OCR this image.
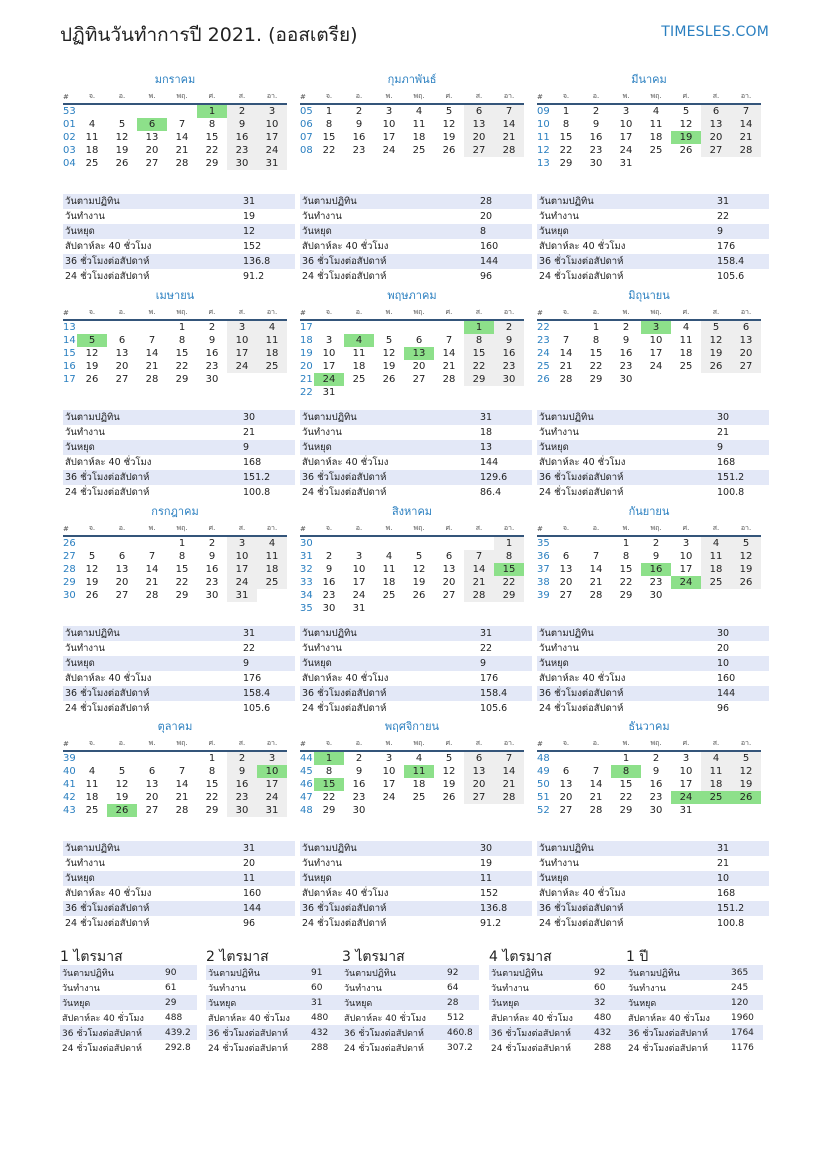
ปฏิทินวันทำการปี 2021. (ออสเตรีย)	TIMESLES.COM
มกราคม
#	จ.	อ.	พ.	พฤ.	ศ.	ส.	อา.
53					1	2	3
01	4	5	6	7	8	9	10
02	11	12	13	14	15	16	17
03	18	19	20	21	22	23	24
04	25	26	27	28	29	30	31
วันตามปฏิทิน	31
วันทำงาน	19
วันหยุด	12
สัปดาห์ละ 40 ชั่วโมง	152
36 ชั่วโมงต่อสัปดาห์	136.8
24 ชั่วโมงต่อสัปดาห์	91.2
กุมภาพันธ์
#	จ.	อ.	พ.	พฤ.	ศ.	ส.	อา.
05	1	2	3	4	5	6	7
06	8	9	10	11	12	13	14
07	15	16	17	18	19	20	21
08	22	23	24	25	26	27	28
วันตามปฏิทิน	28
วันทำงาน	20
วันหยุด	8
สัปดาห์ละ 40 ชั่วโมง	160
36 ชั่วโมงต่อสัปดาห์	144
24 ชั่วโมงต่อสัปดาห์	96
มีนาคม
#	จ.	อ.	พ.	พฤ.	ศ.	ส.	อา.
09	1	2	3	4	5	6	7
10	8	9	10	11	12	13	14
11	15	16	17	18	19	20	21
12	22	23	24	25	26	27	28
13	29	30	31				
วันตามปฏิทิน	31
วันทำงาน	22
วันหยุด	9
สัปดาห์ละ 40 ชั่วโมง	176
36 ชั่วโมงต่อสัปดาห์	158.4
24 ชั่วโมงต่อสัปดาห์	105.6
เมษายน
#	จ.	อ.	พ.	พฤ.	ศ.	ส.	อา.
13				1	2	3	4
14	5	6	7	8	9	10	11
15	12	13	14	15	16	17	18
16	19	20	21	22	23	24	25
17	26	27	28	29	30		
วันตามปฏิทิน	30
วันทำงาน	21
วันหยุด	9
สัปดาห์ละ 40 ชั่วโมง	168
36 ชั่วโมงต่อสัปดาห์	151.2
24 ชั่วโมงต่อสัปดาห์	100.8
พฤษภาคม
#	จ.	อ.	พ.	พฤ.	ศ.	ส.	อา.
17						1	2
18	3	4	5	6	7	8	9
19	10	11	12	13	14	15	16
20	17	18	19	20	21	22	23
21	24	25	26	27	28	29	30
22	31						
วันตามปฏิทิน	31
วันทำงาน	18
วันหยุด	13
สัปดาห์ละ 40 ชั่วโมง	144
36 ชั่วโมงต่อสัปดาห์	129.6
24 ชั่วโมงต่อสัปดาห์	86.4
มิถุนายน
#	จ.	อ.	พ.	พฤ.	ศ.	ส.	อา.
22		1	2	3	4	5	6
23	7	8	9	10	11	12	13
24	14	15	16	17	18	19	20
25	21	22	23	24	25	26	27
26	28	29	30				
วันตามปฏิทิน	30
วันทำงาน	21
วันหยุด	9
สัปดาห์ละ 40 ชั่วโมง	168
36 ชั่วโมงต่อสัปดาห์	151.2
24 ชั่วโมงต่อสัปดาห์	100.8
กรกฎาคม
#	จ.	อ.	พ.	พฤ.	ศ.	ส.	อา.
26				1	2	3	4
27	5	6	7	8	9	10	11
28	12	13	14	15	16	17	18
29	19	20	21	22	23	24	25
30	26	27	28	29	30	31	
วันตามปฏิทิน	31
วันทำงาน	22
วันหยุด	9
สัปดาห์ละ 40 ชั่วโมง	176
36 ชั่วโมงต่อสัปดาห์	158.4
24 ชั่วโมงต่อสัปดาห์	105.6
สิงหาคม
#	จ.	อ.	พ.	พฤ.	ศ.	ส.	อา.
30							1
31	2	3	4	5	6	7	8
32	9	10	11	12	13	14	15
33	16	17	18	19	20	21	22
34	23	24	25	26	27	28	29
35	30	31					
วันตามปฏิทิน	31
วันทำงาน	22
วันหยุด	9
สัปดาห์ละ 40 ชั่วโมง	176
36 ชั่วโมงต่อสัปดาห์	158.4
24 ชั่วโมงต่อสัปดาห์	105.6
กันยายน
#	จ.	อ.	พ.	พฤ.	ศ.	ส.	อา.
35			1	2	3	4	5
36	6	7	8	9	10	11	12
37	13	14	15	16	17	18	19
38	20	21	22	23	24	25	26
39	27	28	29	30			
วันตามปฏิทิน	30
วันทำงาน	20
วันหยุด	10
สัปดาห์ละ 40 ชั่วโมง	160
36 ชั่วโมงต่อสัปดาห์	144
24 ชั่วโมงต่อสัปดาห์	96
ตุลาคม
#	จ.	อ.	พ.	พฤ.	ศ.	ส.	อา.
39					1	2	3
40	4	5	6	7	8	9	10
41	11	12	13	14	15	16	17
42	18	19	20	21	22	23	24
43	25	26	27	28	29	30	31
วันตามปฏิทิน	31
วันทำงาน	20
วันหยุด	11
สัปดาห์ละ 40 ชั่วโมง	160
36 ชั่วโมงต่อสัปดาห์	144
24 ชั่วโมงต่อสัปดาห์	96
พฤศจิกายน
#	จ.	อ.	พ.	พฤ.	ศ.	ส.	อา.
44	1	2	3	4	5	6	7
45	8	9	10	11	12	13	14
46	15	16	17	18	19	20	21
47	22	23	24	25	26	27	28
48	29	30					
วันตามปฏิทิน	30
วันทำงาน	19
วันหยุด	11
สัปดาห์ละ 40 ชั่วโมง	152
36 ชั่วโมงต่อสัปดาห์	136.8
24 ชั่วโมงต่อสัปดาห์	91.2
ธันวาคม
#	จ.	อ.	พ.	พฤ.	ศ.	ส.	อา.
48			1	2	3	4	5
49	6	7	8	9	10	11	12
50	13	14	15	16	17	18	19
51	20	21	22	23	24	25	26
52	27	28	29	30	31		
วันตามปฏิทิน	31
วันทำงาน	21
วันหยุด	10
สัปดาห์ละ 40 ชั่วโมง	168
36 ชั่วโมงต่อสัปดาห์	151.2
24 ชั่วโมงต่อสัปดาห์	100.8
1 ไตรมาส
วันตามปฏิทิน	90
วันทำงาน	61
วันหยุด	29
สัปดาห์ละ 40 ชั่วโมง	488
36 ชั่วโมงต่อสัปดาห์	439.2
24 ชั่วโมงต่อสัปดาห์	292.8
2 ไตรมาส
วันตามปฏิทิน	91
วันทำงาน	60
วันหยุด	31
สัปดาห์ละ 40 ชั่วโมง	480
36 ชั่วโมงต่อสัปดาห์	432
24 ชั่วโมงต่อสัปดาห์	288
3 ไตรมาส
วันตามปฏิทิน	92
วันทำงาน	64
วันหยุด	28
สัปดาห์ละ 40 ชั่วโมง	512
36 ชั่วโมงต่อสัปดาห์	460.8
24 ชั่วโมงต่อสัปดาห์	307.2
4 ไตรมาส
วันตามปฏิทิน	92
วันทำงาน	60
วันหยุด	32
สัปดาห์ละ 40 ชั่วโมง	480
36 ชั่วโมงต่อสัปดาห์	432
24 ชั่วโมงต่อสัปดาห์	288
1 ปี
วันตามปฏิทิน	365
วันทำงาน	245
วันหยุด	120
สัปดาห์ละ 40 ชั่วโมง	1960
36 ชั่วโมงต่อสัปดาห์	1764
24 ชั่วโมงต่อสัปดาห์	1176
